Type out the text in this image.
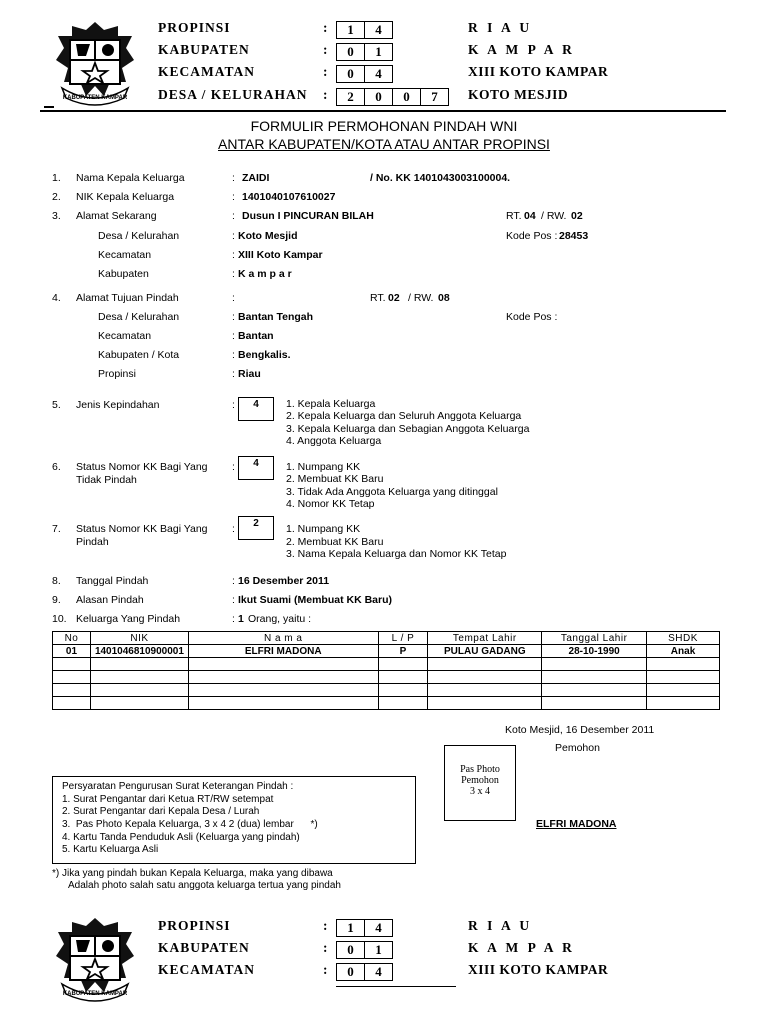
KABUPATEN KAMPAR
PROPINSI	:	1	4	R I A U
KABUPATEN	:	0	1	K A M P A R
KECAMATAN	:	0	4	XIII KOTO KAMPAR
DESA / KELURAHAN :	2	0	0	7	KOTO MESJID
FORMULIR PERMOHONAN PINDAH WNI
ANTAR KABUPATEN/KOTA ATAU ANTAR PROPINSI
1. Nama Kepala Keluarga	: ZAIDI	/ No. KK 1401043003100004.
2. NIK Kepala Keluarga	: 1401040107610027
3. Alamat Sekarang	: Dusun I PINCURAN BILAH	RT. 04 / RW. 02
Desa / Kelurahan	: Koto Mesjid	Kode Pos : 28453
Kecamatan	: XIII Koto Kampar
Kabupaten	: K a m p a r
4. Alamat Tujuan Pindah	:	RT. 02 / RW. 08
Desa / Kelurahan	: Bantan Tengah	Kode Pos :
Kecamatan	: Bantan
Kabupaten / Kota	: Bengkalis.
Propinsi	: Riau
5. Jenis Kepindahan	:	4	1. Kepala Keluarga
2. Kepala Keluarga dan Seluruh Anggota Keluarga
3. Kepala Keluarga dan Sebagian Anggota Keluarga
4. Anggota Keluarga
6. Status Nomor KK Bagi Yang
Tidak Pindah
:	4	1. Numpang KK
2. Membuat KK Baru
3. Tidak Ada Anggota Keluarga yang ditinggal
4. Nomor KK Tetap
7. Status Nomor KK Bagi Yang
Pindah
:	2	1. Numpang KK
2. Membuat KK Baru
3. Nama Kepala Keluarga dan Nomor KK Tetap
8. Tanggal Pindah	: 16 Desember 2011
9. Alasan Pindah	: Ikut Suami (Membuat KK Baru)
10. Keluarga Yang Pindah	: 1 Orang, yaitu :
No	NIK	N a m a	L / P	Tempat Lahir	Tanggal Lahir	SHDK
01	1401046810900001	ELFRI MADONA	P	PULAU GADANG	28-10-1990	Anak

Koto Mesjid, 16 Desember 2011
Pemohon
Pas Photo
Pemohon
3 x 4
ELFRI MADONA
Persyaratan Pengurusan Surat Keterangan Pindah :
1. Surat Pengantar dari Ketua RT/RW setempat
2. Surat Pengantar dari Kepala Desa / Lurah
3.  Pas Photo Kepala Keluarga, 3 x 4 2 (dua) lembar      *)
4. Kartu Tanda Penduduk Asli (Keluarga yang pindah)
5. Kartu Keluarga Asli
*) Jika yang pindah bukan Kepala Keluarga, maka yang dibawa
Adalah photo salah satu anggota keluarga tertua yang pindah
KABUPATEN KAMPAR
PROPINSI	:	1	4	R I A U
KABUPATEN	:	0	1	K A M P A R
KECAMATAN	:	0	4	XIII KOTO KAMPAR
